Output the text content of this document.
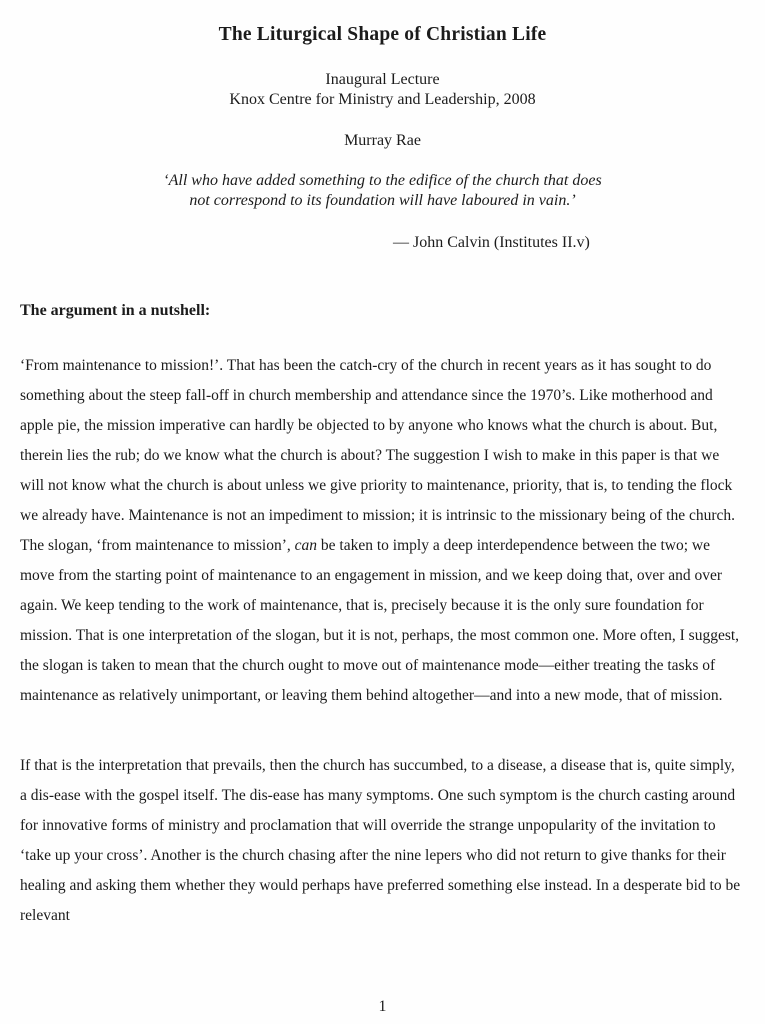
The Liturgical Shape of Christian Life
Inaugural Lecture
Knox Centre for Ministry and Leadership, 2008
Murray Rae
‘All who have added something to the edifice of the church that does
not correspond to its foundation will have laboured in vain.’
— John Calvin (Institutes II.v)
The argument in a nutshell:

‘From maintenance to mission!’. That has been the catch-cry of the church in recent years as it has sought to do something about the steep fall-off in church membership and attendance since the 1970’s. Like motherhood and apple pie, the mission imperative can hardly be objected to by anyone who knows what the church is about. But, therein lies the rub; do we know what the church is about? The suggestion I wish to make in this paper is that we will not know what the church is about unless we give priority to maintenance, priority, that is, to tending the flock we already have. Maintenance is not an impediment to mission; it is intrinsic to the missionary being of the church. The slogan, ‘from maintenance to mission’, can be taken to imply a deep interdependence between the two; we move from the starting point of maintenance to an engagement in mission, and we keep doing that, over and over again. We keep tending to the work of maintenance, that is, precisely because it is the only sure foundation for mission. That is one interpretation of the slogan, but it is not, perhaps, the most common one. More often, I suggest, the slogan is taken to mean that the church ought to move out of maintenance mode—either treating the tasks of maintenance as relatively unimportant, or leaving them behind altogether—and into a new mode, that of mission.

If that is the interpretation that prevails, then the church has succumbed, to a disease, a disease that is, quite simply, a dis-ease with the gospel itself. The dis-ease has many symptoms. One such symptom is the church casting around for innovative forms of ministry and proclamation that will override the strange unpopularity of the invitation to ‘take up your cross’. Another is the church chasing after the nine lepers who did not return to give thanks for their healing and asking them whether they would perhaps have preferred something else instead. In a desperate bid to be relevant

1
